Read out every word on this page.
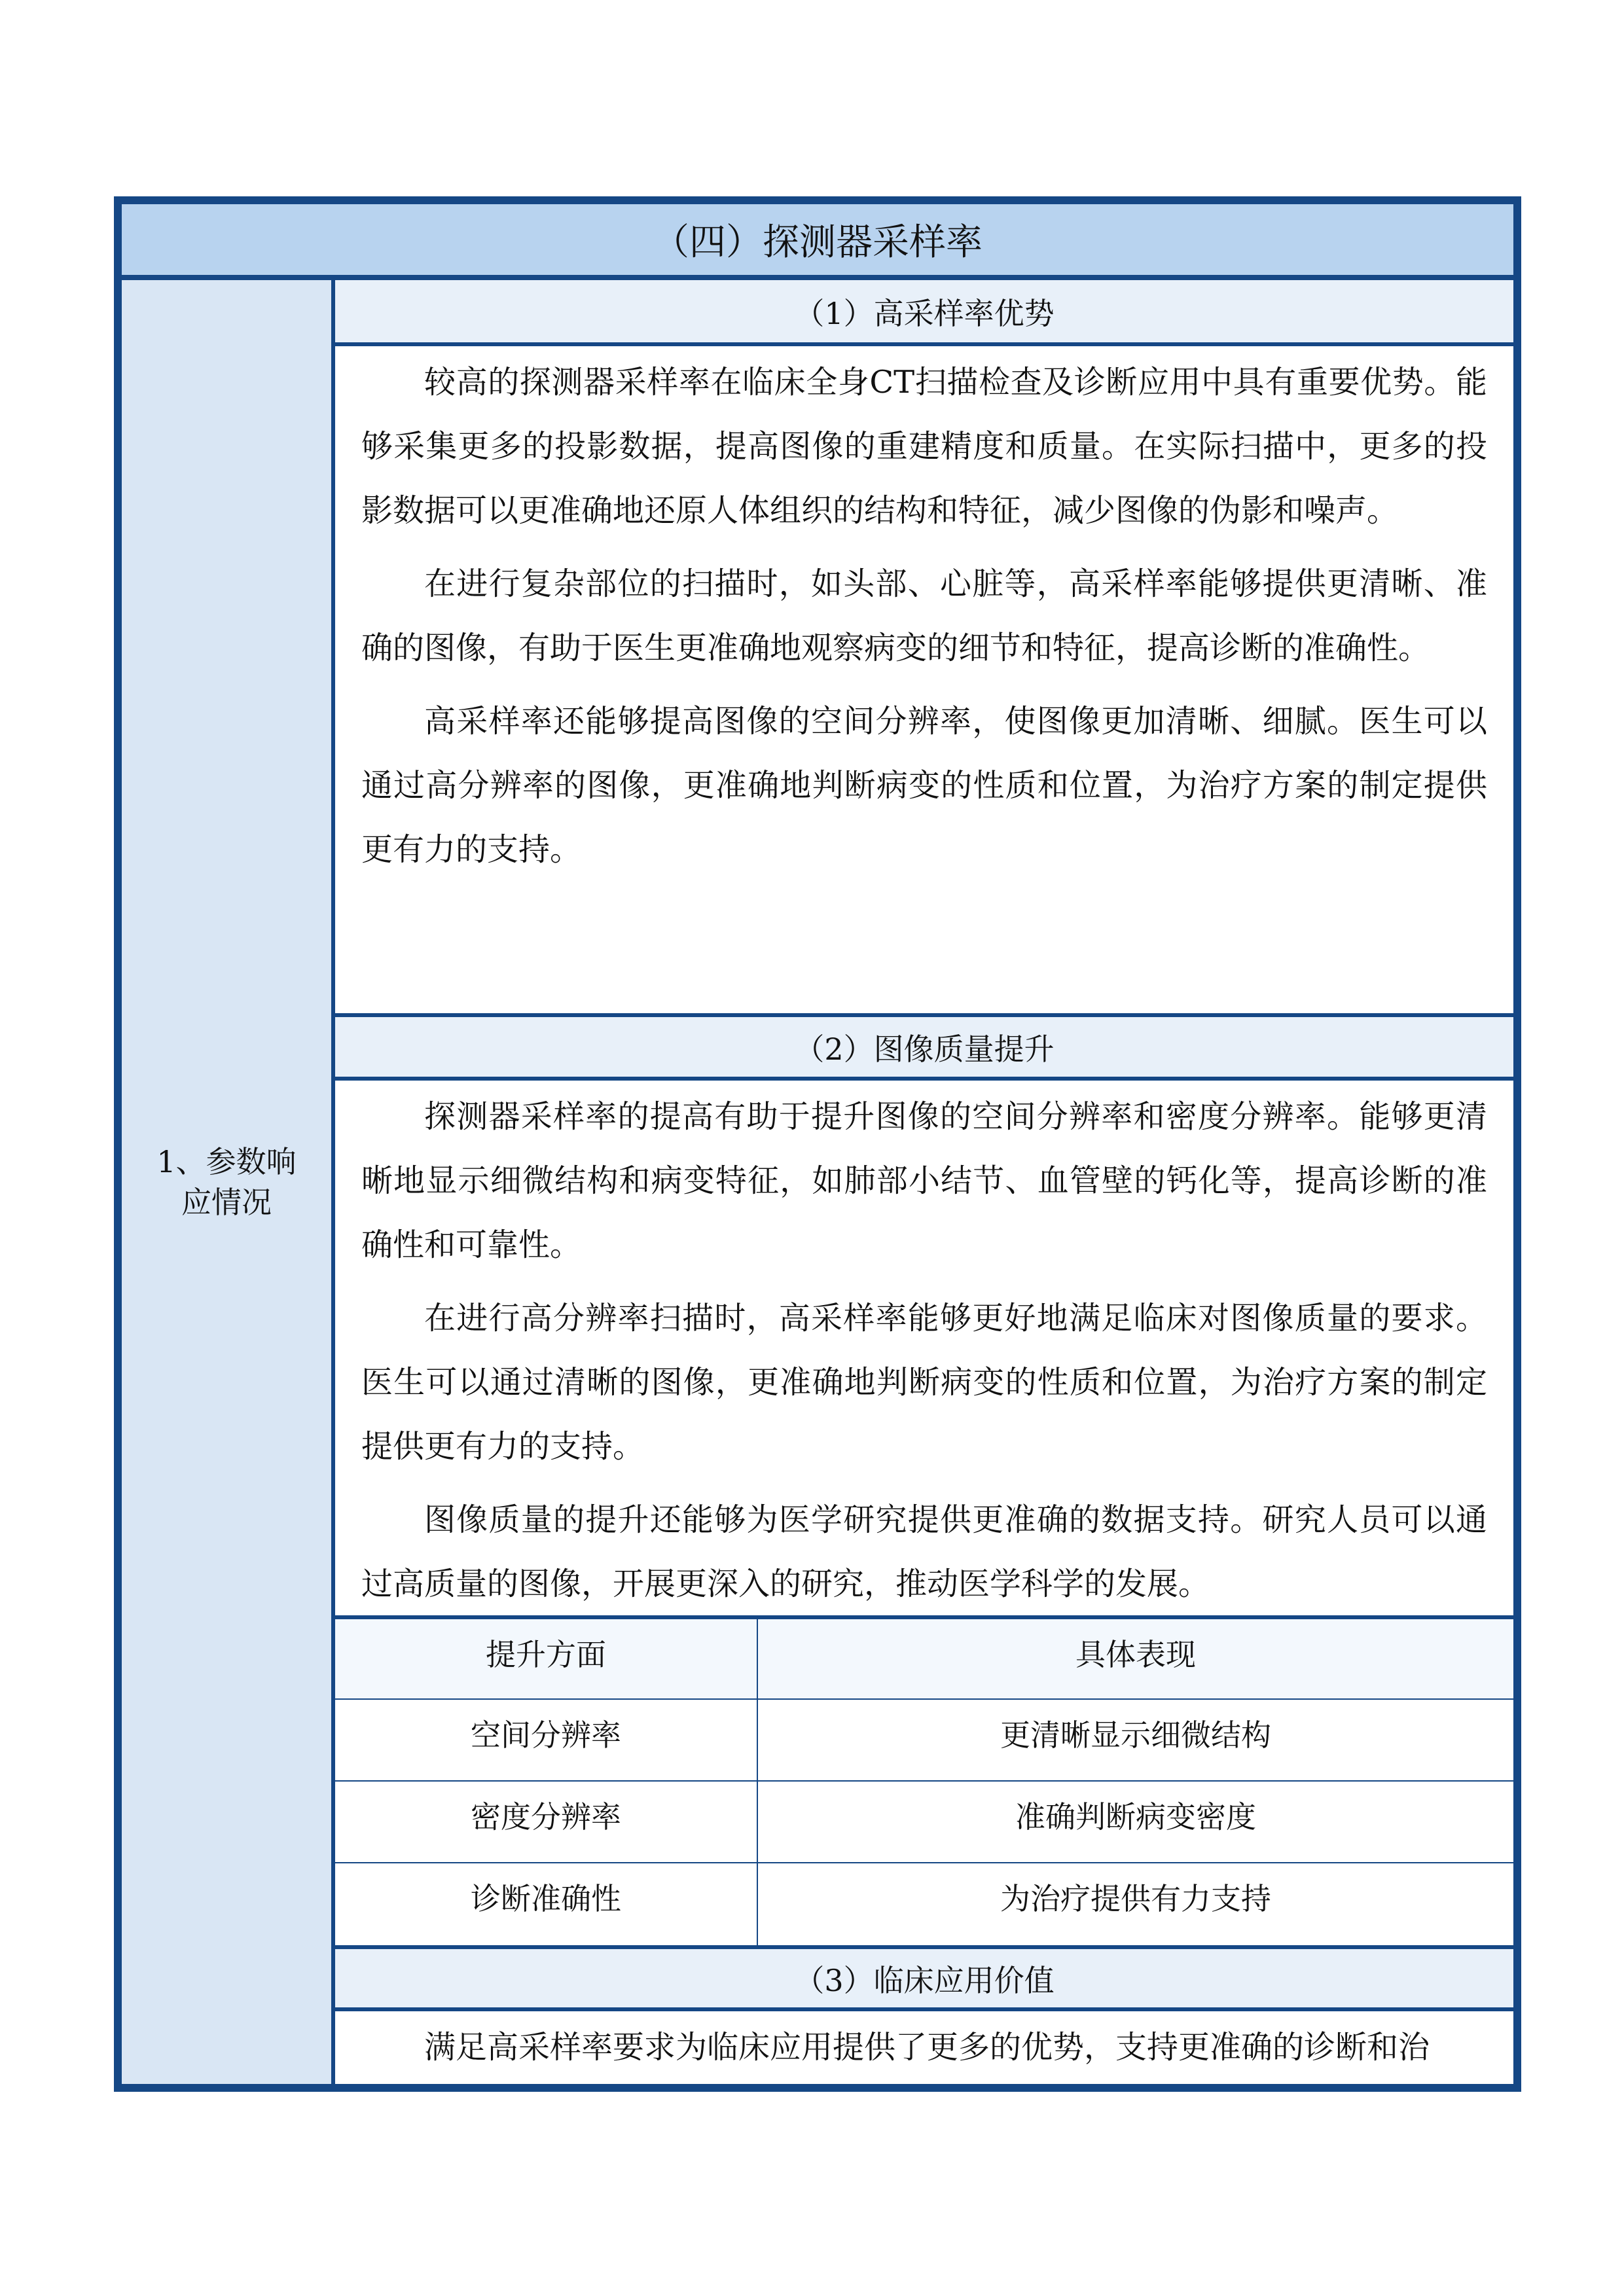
（四）探测器采样率
1、参数响应情况
（1）高采样率优势

较高的探测器采样率在临床全身CT扫描检查及诊断应用中具有重要优势。能够采集更多的投影数据，提高图像的重建精度和质量。在实际扫描中，更多的投影数据可以更准确地还原人体组织的结构和特征，减少图像的伪影和噪声。

在进行复杂部位的扫描时，如头部、心脏等，高采样率能够提供更清晰、准确的图像，有助于医生更准确地观察病变的细节和特征，提高诊断的准确性。

高采样率还能够提高图像的空间分辨率，使图像更加清晰、细腻。医生可以通过高分辨率的图像，更准确地判断病变的性质和位置，为治疗方案的制定提供更有力的支持。

（2）图像质量提升

探测器采样率的提高有助于提升图像的空间分辨率和密度分辨率。能够更清晰地显示细微结构和病变特征，如肺部小结节、血管壁的钙化等，提高诊断的准确性和可靠性。

在进行高分辨率扫描时，高采样率能够更好地满足临床对图像质量的要求。医生可以通过清晰的图像，更准确地判断病变的性质和位置，为治疗方案的制定提供更有力的支持。

图像质量的提升还能够为医学研究提供更准确的数据支持。研究人员可以通过高质量的图像，开展更深入的研究，推动医学科学的发展。

提升方面	具体表现
空间分辨率	更清晰显示细微结构
密度分辨率	准确判断病变密度
诊断准确性	为治疗提供有力支持
（3）临床应用价值

满足高采样率要求为临床应用提供了更多的优势，支持更准确的诊断和治
